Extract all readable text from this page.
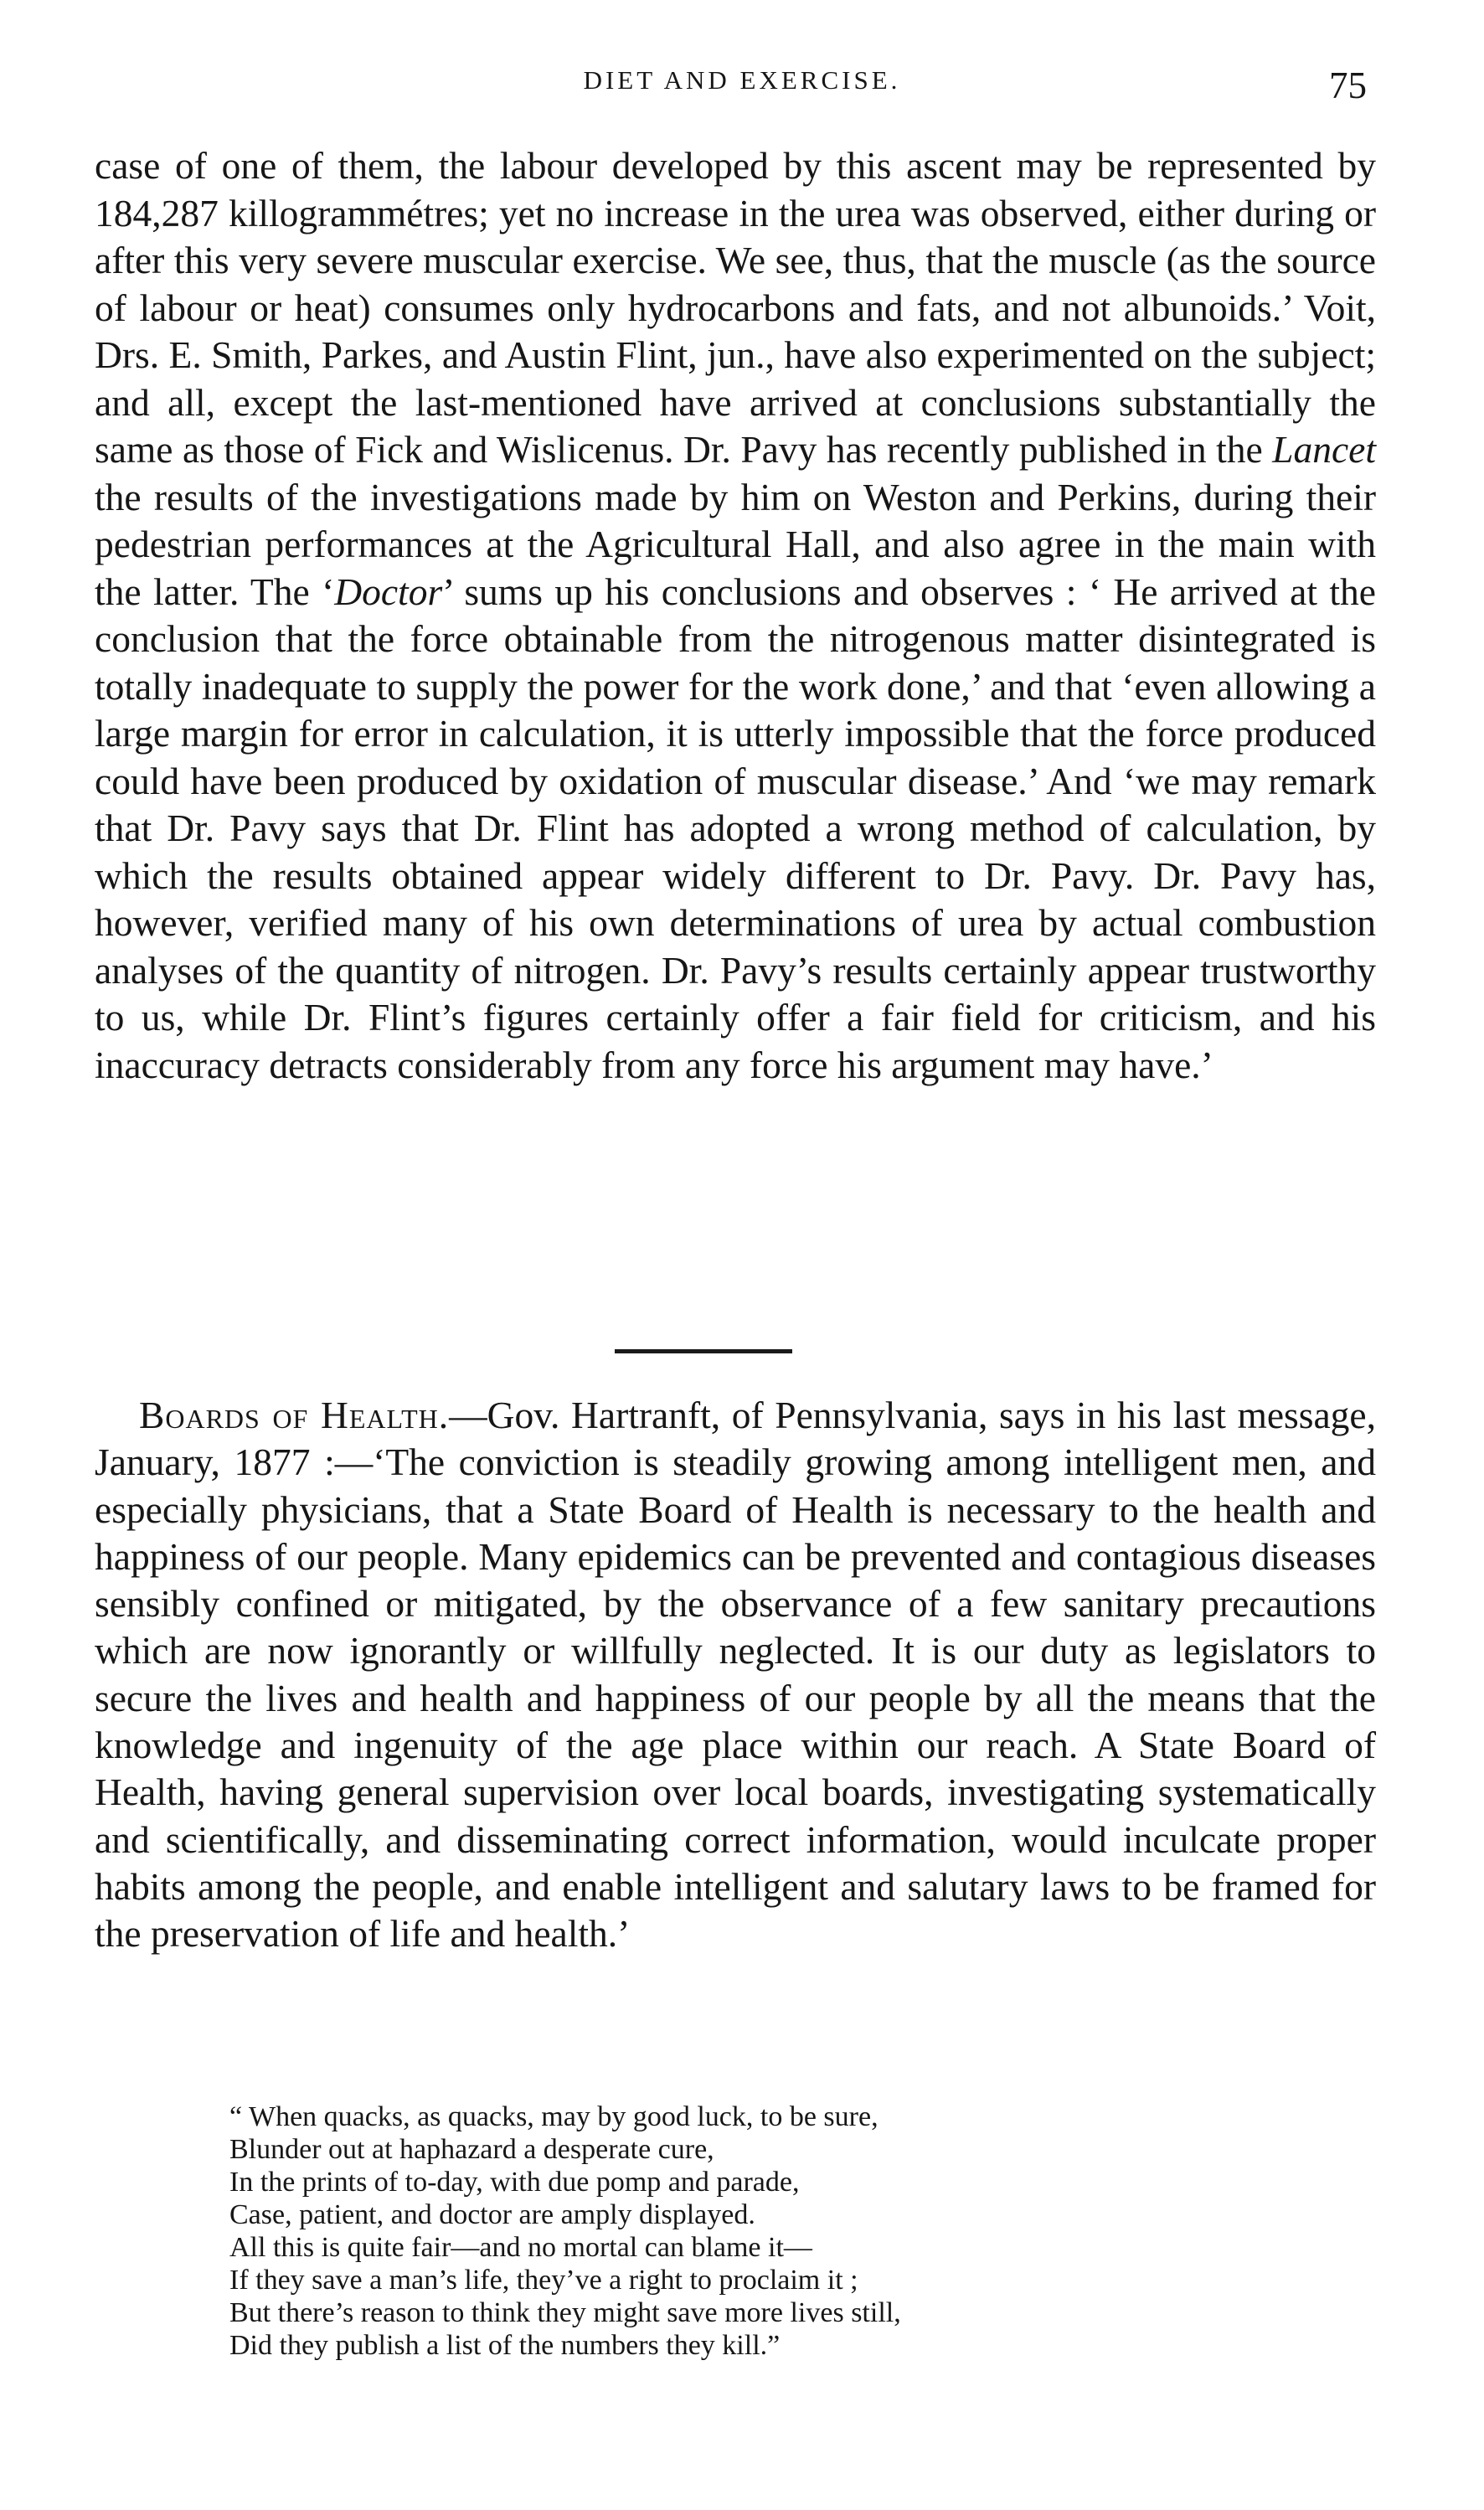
DIET AND EXERCISE.	75

case of one of them, the labour developed by this ascent may be represented by 184,287 killogrammétres; yet no increase in the urea was observed, either during or after this very severe muscular exercise. We see, thus, that the muscle (as the source of labour or heat) consumes only hydrocarbons and fats, and not albunoids.’ Voit, Drs. E. Smith, Parkes, and Austin Flint, jun., have also experimented on the subject; and all, except the last-mentioned have arrived at conclusions substantially the same as those of Fick and Wislicenus. Dr. Pavy has recently published in the Lancet the results of the investigations made by him on Weston and Perkins, during their pedestrian performances at the Agricultural Hall, and also agree in the main with the latter. The ‘Doctor’ sums up his conclusions and observes : ‘ He arrived at the conclusion that the force obtainable from the nitrogenous matter disintegrated is totally inadequate to supply the power for the work done,’ and that ‘even allowing a large margin for error in calculation, it is utterly impossible that the force produced could have been produced by oxidation of muscular disease.’ And ‘we may remark that Dr. Pavy says that Dr. Flint has adopted a wrong method of calculation, by which the results obtained appear widely different to Dr. Pavy. Dr. Pavy has, however, verified many of his own determinations of urea by actual combustion analyses of the quantity of nitrogen. Dr. Pavy’s results certainly appear trustworthy to us, while Dr. Flint’s figures certainly offer a fair field for criticism, and his inaccuracy detracts considerably from any force his argument may have.’

Boards of Health.—Gov. Hartranft, of Pennsylvania, says in his last message, January, 1877 :—‘The conviction is steadily growing among intelligent men, and especially physicians, that a State Board of Health is necessary to the health and happiness of our people. Many epidemics can be prevented and contagious diseases sensibly confined or mitigated, by the observance of a few sanitary precautions which are now ignorantly or willfully neglected. It is our duty as legislators to secure the lives and health and happiness of our people by all the means that the knowledge and ingenuity of the age place within our reach. A State Board of Health, having general supervision over local boards, investigating systematically and scientifically, and disseminating correct information, would inculcate proper habits among the people, and enable intelligent and salutary laws to be framed for the preservation of life and health.’

“ When quacks, as quacks, may by good luck, to be sure,
Blunder out at haphazard a desperate cure,
In the prints of to-day, with due pomp and parade,
Case, patient, and doctor are amply displayed.
All this is quite fair—and no mortal can blame it—
If they save a man’s life, they’ve a right to proclaim it ;
But there’s reason to think they might save more lives still,
Did they publish a list of the numbers they kill.”
